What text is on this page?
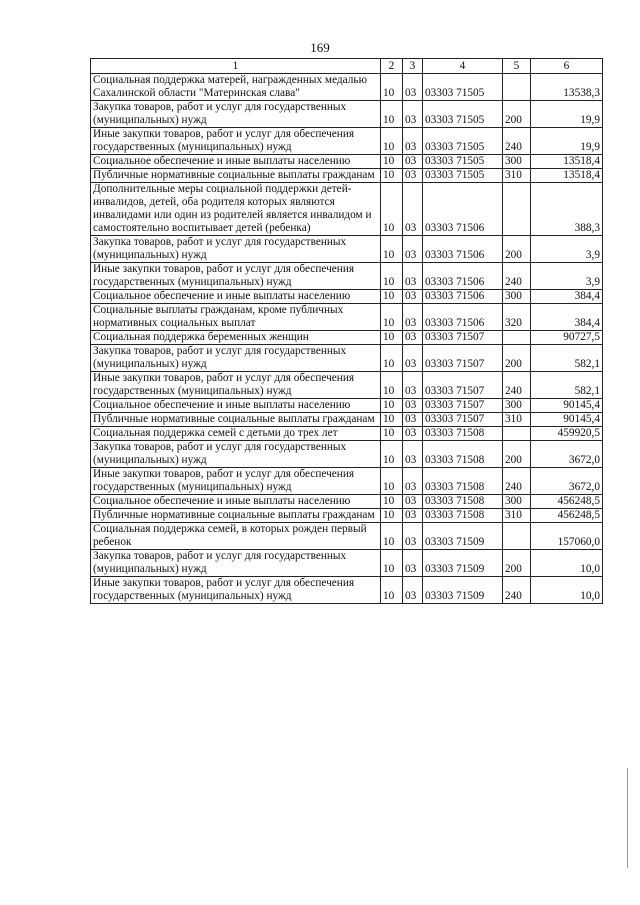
169
1	2	3	4	5	6
Социальная поддержка матерей, награжденных медалью Сахалинской области "Материнская слава"	10	03	03303 71505		13538,3
Закупка товаров, работ и услуг для государственных (муниципальных) нужд	10	03	03303 71505	200	19,9
Иные закупки товаров, работ и услуг для обеспечения государственных (муниципальных) нужд	10	03	03303 71505	240	19,9
Социальное обеспечение и иные выплаты населению	10	03	03303 71505	300	13518,4
Публичные нормативные социальные выплаты гражданам	10	03	03303 71505	310	13518,4
Дополнительные меры социальной поддержки детей-инвалидов, детей, оба родителя которых являются инвалидами или один из родителей является инвалидом и самостоятельно воспитывает детей (ребенка)	10	03	03303 71506		388,3
Закупка товаров, работ и услуг для государственных (муниципальных) нужд	10	03	03303 71506	200	3,9
Иные закупки товаров, работ и услуг для обеспечения государственных (муниципальных) нужд	10	03	03303 71506	240	3,9
Социальное обеспечение и иные выплаты населению	10	03	03303 71506	300	384,4
Социальные выплаты гражданам, кроме публичных нормативных социальных выплат	10	03	03303 71506	320	384,4
Социальная поддержка беременных женщин	10	03	03303 71507		90727,5
Закупка товаров, работ и услуг для государственных (муниципальных) нужд	10	03	03303 71507	200	582,1
Иные закупки товаров, работ и услуг для обеспечения государственных (муниципальных) нужд	10	03	03303 71507	240	582,1
Социальное обеспечение и иные выплаты населению	10	03	03303 71507	300	90145,4
Публичные нормативные социальные выплаты гражданам	10	03	03303 71507	310	90145,4
Социальная поддержка семей с детьми до трех лет	10	03	03303 71508		459920,5
Закупка товаров, работ и услуг для государственных (муниципальных) нужд	10	03	03303 71508	200	3672,0
Иные закупки товаров, работ и услуг для обеспечения государственных (муниципальных) нужд	10	03	03303 71508	240	3672,0
Социальное обеспечение и иные выплаты населению	10	03	03303 71508	300	456248,5
Публичные нормативные социальные выплаты гражданам	10	03	03303 71508	310	456248,5
Социальная поддержка семей, в которых рожден первый ребенок	10	03	03303 71509		157060,0
Закупка товаров, работ и услуг для государственных (муниципальных) нужд	10	03	03303 71509	200	10,0
Иные закупки товаров, работ и услуг для обеспечения государственных (муниципальных) нужд	10	03	03303 71509	240	10,0
